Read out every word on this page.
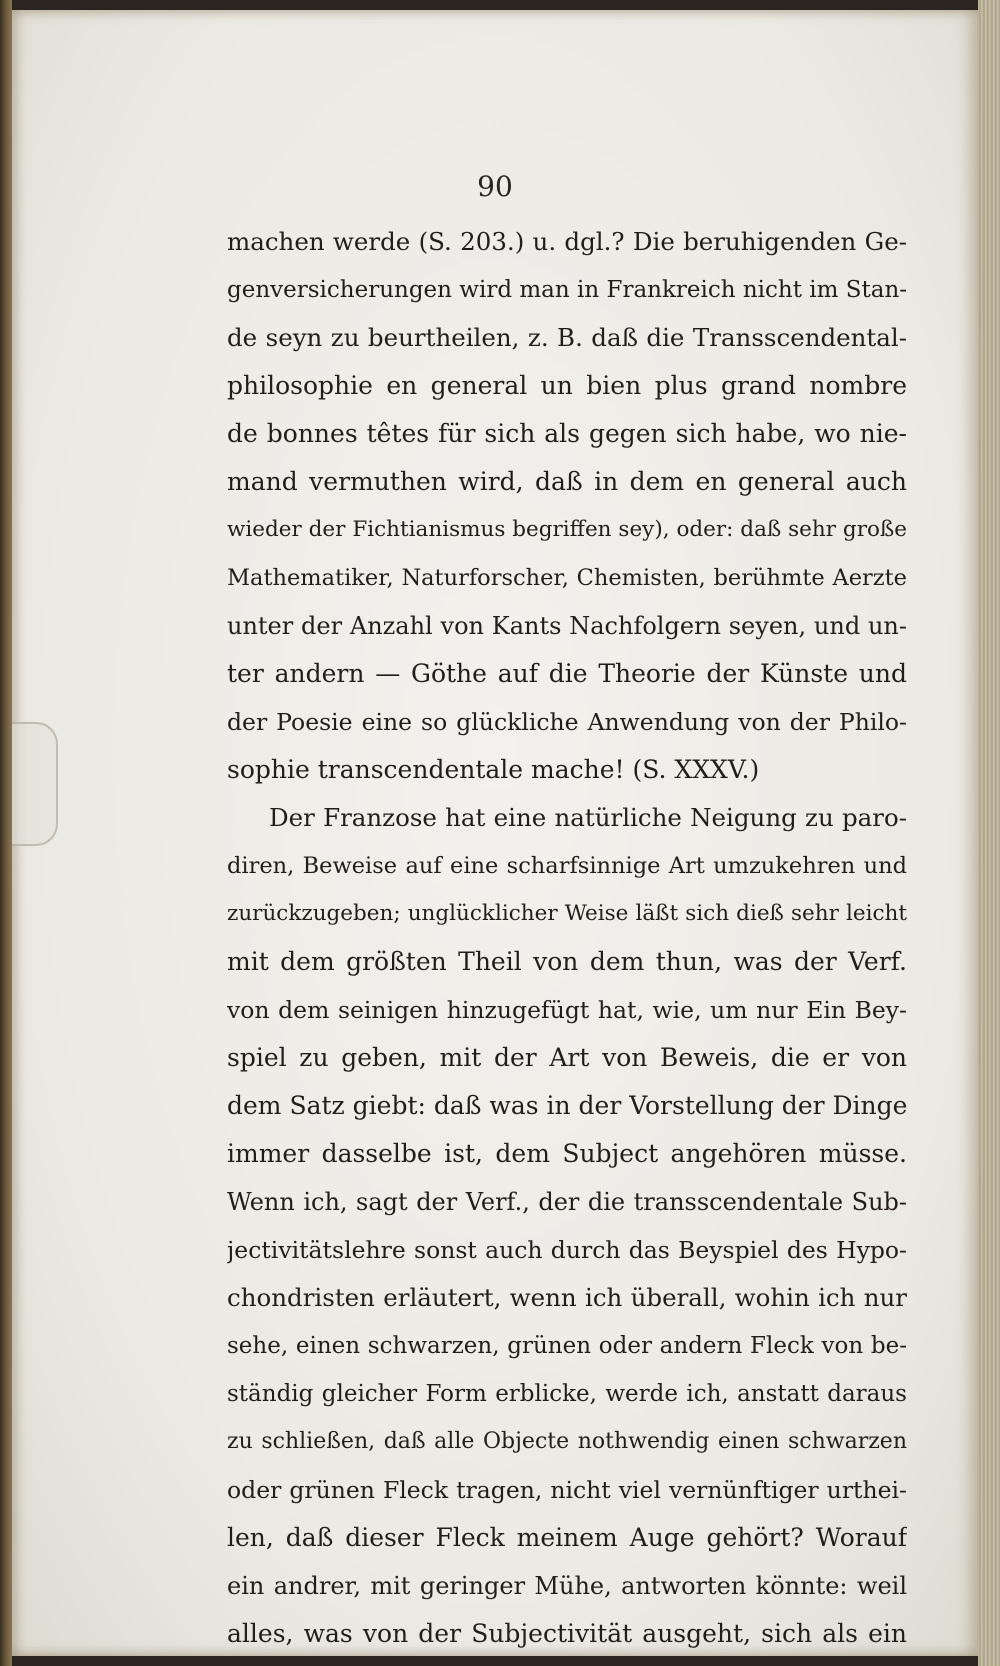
90
machen werde (S. 203.) u. dgl.? Die beruhigenden Ge-
genversicherungen wird man in Frankreich nicht im Stan-
de seyn zu beurtheilen, z. B. daß die Transscendental-
philosophie en general un bien plus grand nombre
de bonnes têtes für sich als gegen sich habe, wo nie-
mand vermuthen wird, daß in dem en general auch
wieder der Fichtianismus begriffen sey), oder: daß sehr große
Mathematiker, Naturforscher, Chemisten, berühmte Aerzte
unter der Anzahl von Kants Nachfolgern seyen, und un-
ter andern — Göthe auf die Theorie der Künste und
der Poesie eine so glückliche Anwendung von der Philo-
sophie transcendentale mache! (S. XXXV.)
Der Franzose hat eine natürliche Neigung zu paro-
diren, Beweise auf eine scharfsinnige Art umzukehren und
zurückzugeben; unglücklicher Weise läßt sich dieß sehr leicht
mit dem größten Theil von dem thun, was der Verf.
von dem seinigen hinzugefügt hat, wie, um nur Ein Bey-
spiel zu geben, mit der Art von Beweis, die er von
dem Satz giebt: daß was in der Vorstellung der Dinge
immer dasselbe ist, dem Subject angehören müsse.
Wenn ich, sagt der Verf., der die transscendentale Sub-
jectivitätslehre sonst auch durch das Beyspiel des Hypo-
chondristen erläutert, wenn ich überall, wohin ich nur
sehe, einen schwarzen, grünen oder andern Fleck von be-
ständig gleicher Form erblicke, werde ich, anstatt daraus
zu schließen, daß alle Objecte nothwendig einen schwarzen
oder grünen Fleck tragen, nicht viel vernünftiger urthei-
len, daß dieser Fleck meinem Auge gehört? Worauf
ein andrer, mit geringer Mühe, antworten könnte: weil
alles, was von der Subjectivität ausgeht, sich als ein
